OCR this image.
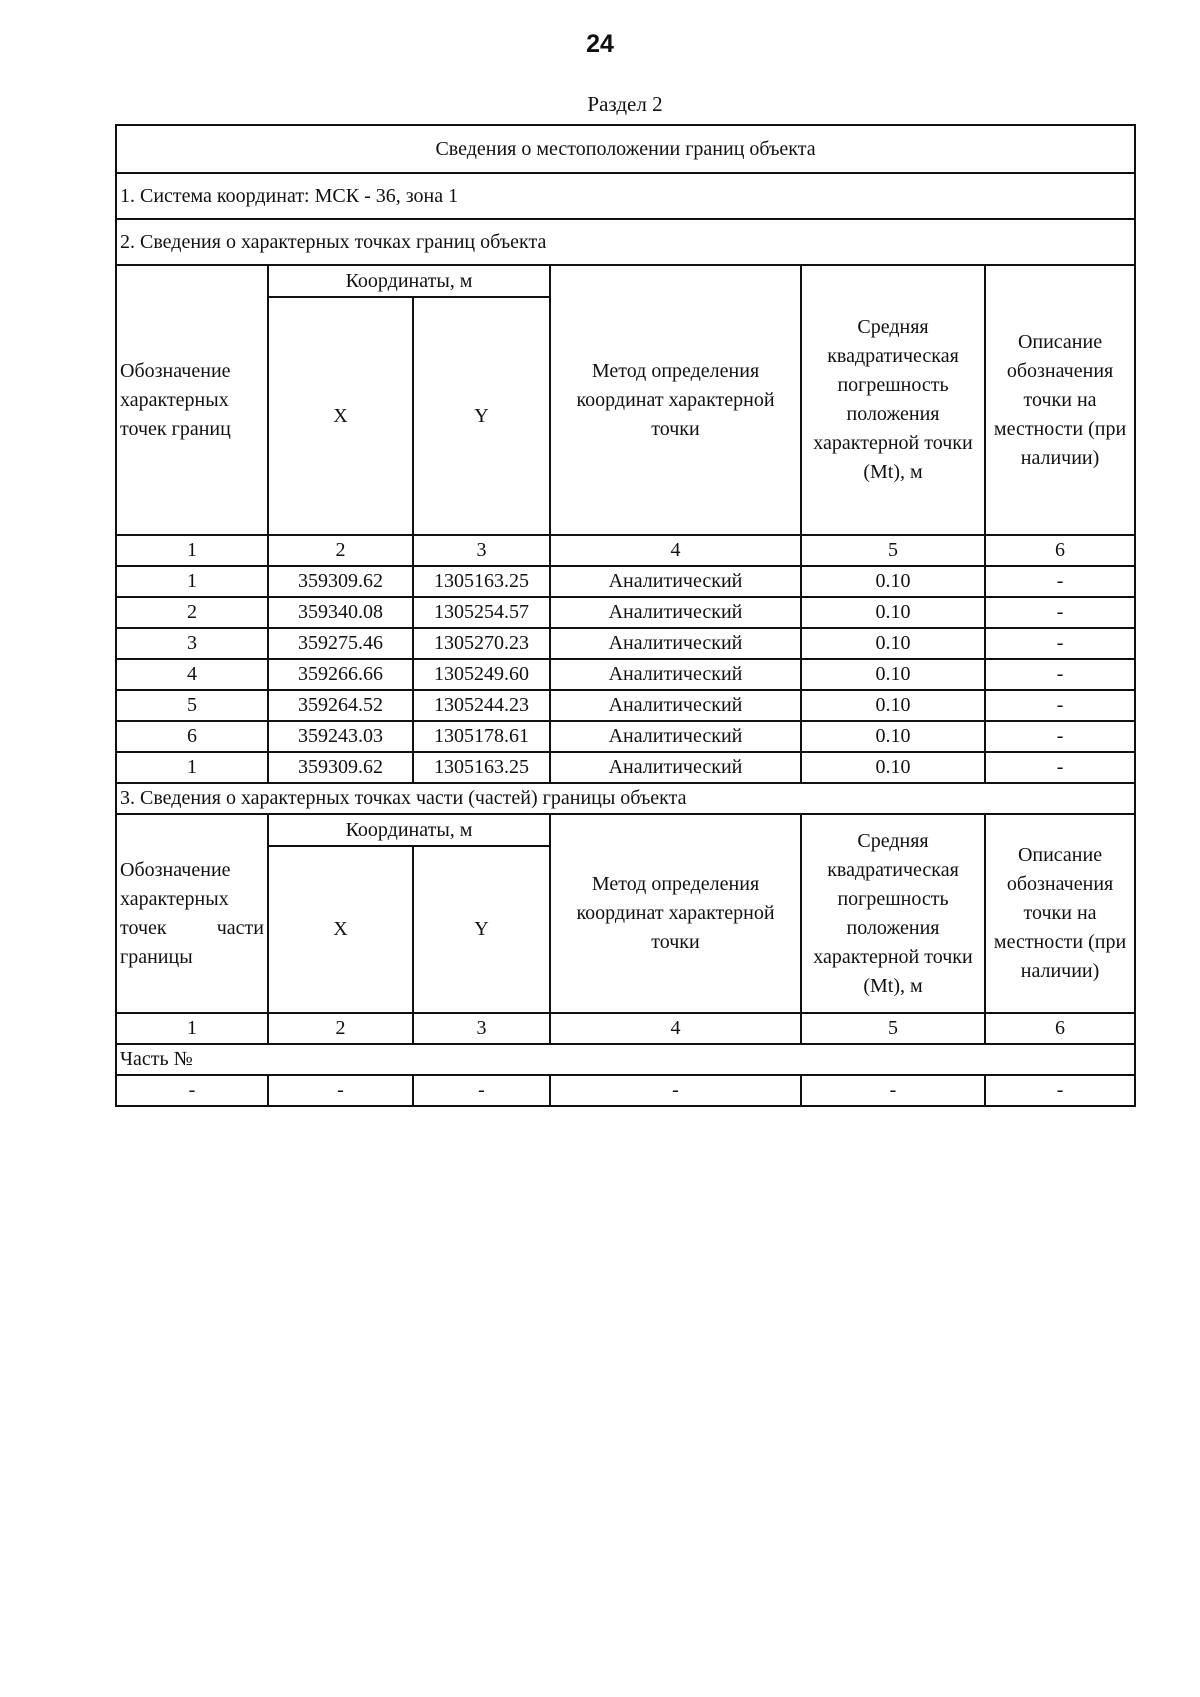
24
Раздел 2
Сведения о местоположении границ объекта					
1. Система координат: МСК - 36, зона 1					
2. Сведения о характерных точках границ объекта					
Обозначение характерных точек границ	Координаты, м		Метод определения координат характерной точки	Средняя квадратическая погрешность положения характерной точки (Mt), м	Описание обозначения точки на местности (при наличии)
	X	Y			
1	2	3	4	5	6
1	359309.62	1305163.25	Аналитический	0.10	-
2	359340.08	1305254.57	Аналитический	0.10	-
3	359275.46	1305270.23	Аналитический	0.10	-
4	359266.66	1305249.60	Аналитический	0.10	-
5	359264.52	1305244.23	Аналитический	0.10	-
6	359243.03	1305178.61	Аналитический	0.10	-
1	359309.62	1305163.25	Аналитический	0.10	-
3. Сведения о характерных точках части (частей) границы объекта					
Обозначение характерных точек части границы	Координаты, м		Метод определения координат характерной точки	Средняя квадратическая погрешность положения характерной точки (Mt), м	Описание обозначения точки на местности (при наличии)
	X	Y			
1	2	3	4	5	6
Часть №					
-	-	-	-	-	-
